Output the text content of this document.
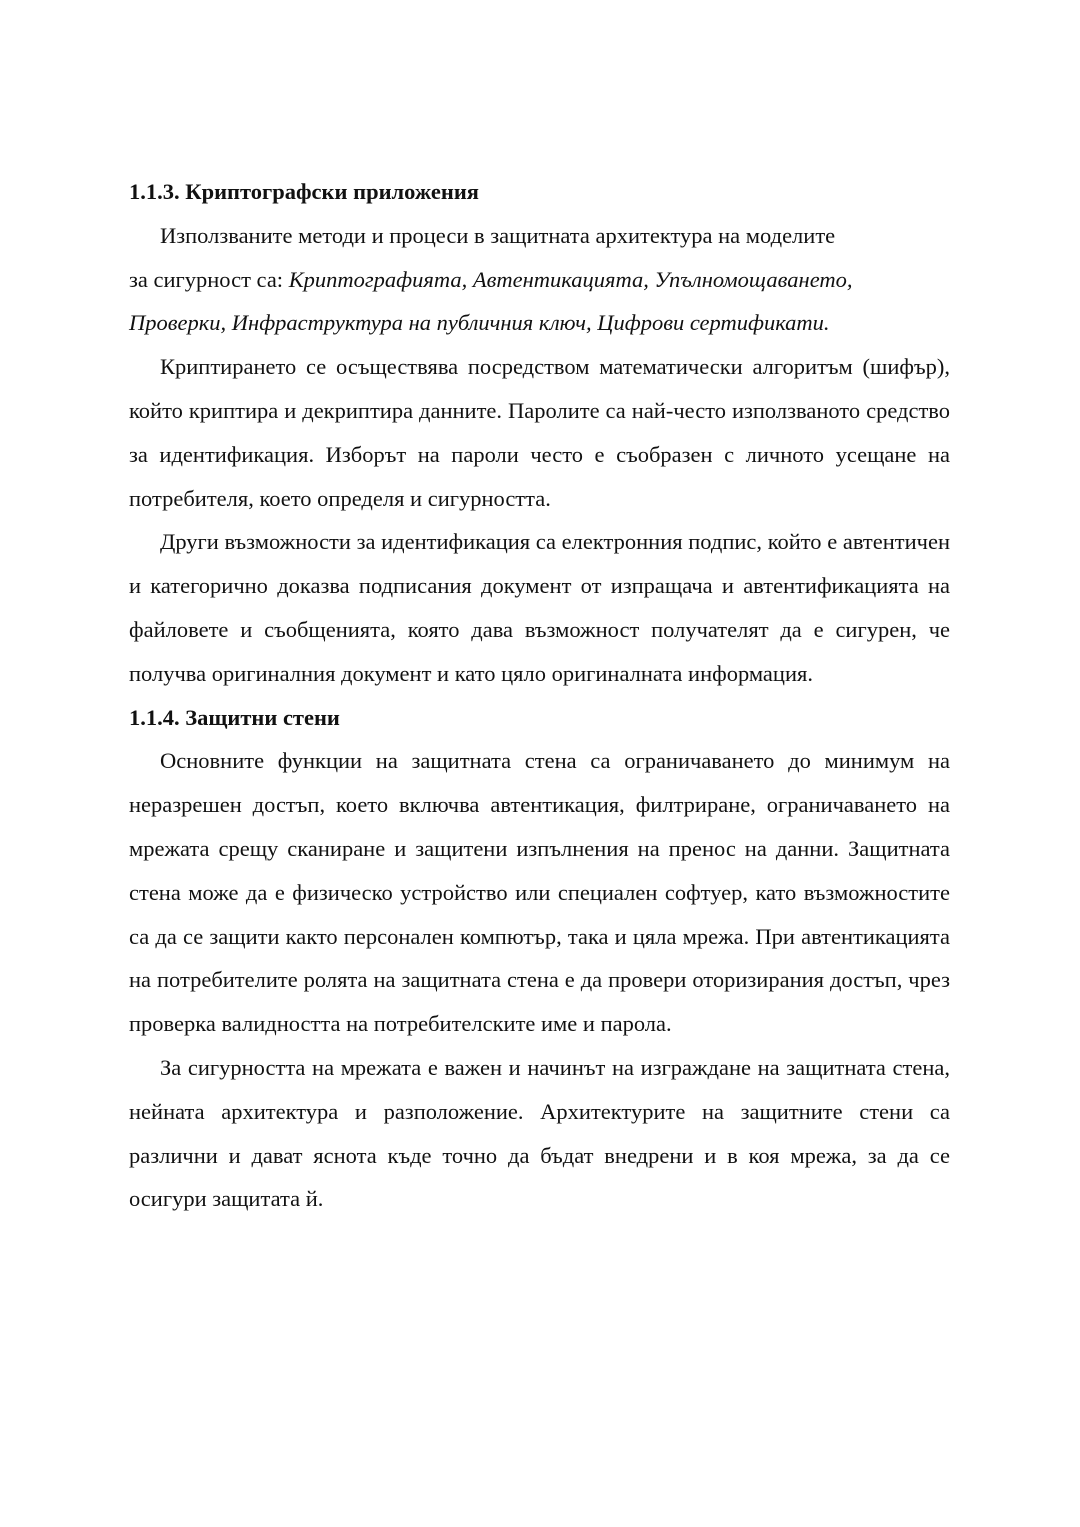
1.1.3. Криптографски приложения

Използваните методи и процеси в защитната архитектура на моделите
за сигурност са: Криптографията, Автентикацията, Упълномощаването,
Проверки, Инфраструктура на публичния ключ, Цифрови сертификати.

Криптирането се осъществява посредством математически алгоритъм (шифър), който криптира и декриптира данните. Паролите са най-често използваното средство за идентификация. Изборът на пароли често е съобразен с личното усещане на потребителя, което определя и сигурността.

Други възможности за идентификация са електронния подпис, който е автентичен и категорично доказва подписания документ от изпращача и автентификацията на файловете и съобщенията, която дава възможност получателят да е сигурен, че получва оригиналния документ и като цяло оригиналната информация.

1.1.4. Защитни стени

Основните функции на защитната стена са ограничаването до минимум на неразрешен достъп, което включва автентикация, филтриране, ограничаването на мрежата срещу сканиране и защитени изпълнения на пренос на данни. Защитната стена може да е физическо устройство или специален софтуер, като възможностите са да се защити както персонален компютър, така и цяла мрежа. При автентикацията на потребителите ролята на защитната стена е да провери оторизирания достъп, чрез проверка валидността на потребителските име и парола.

За сигурността на мрежата е важен и начинът на изграждане на защитната стена, нейната архитектура и разположение. Архитектурите на защитните стени са различни и дават яснота къде точно да бъдат внедрени и в коя мрежа, за да се осигури защитата й.
